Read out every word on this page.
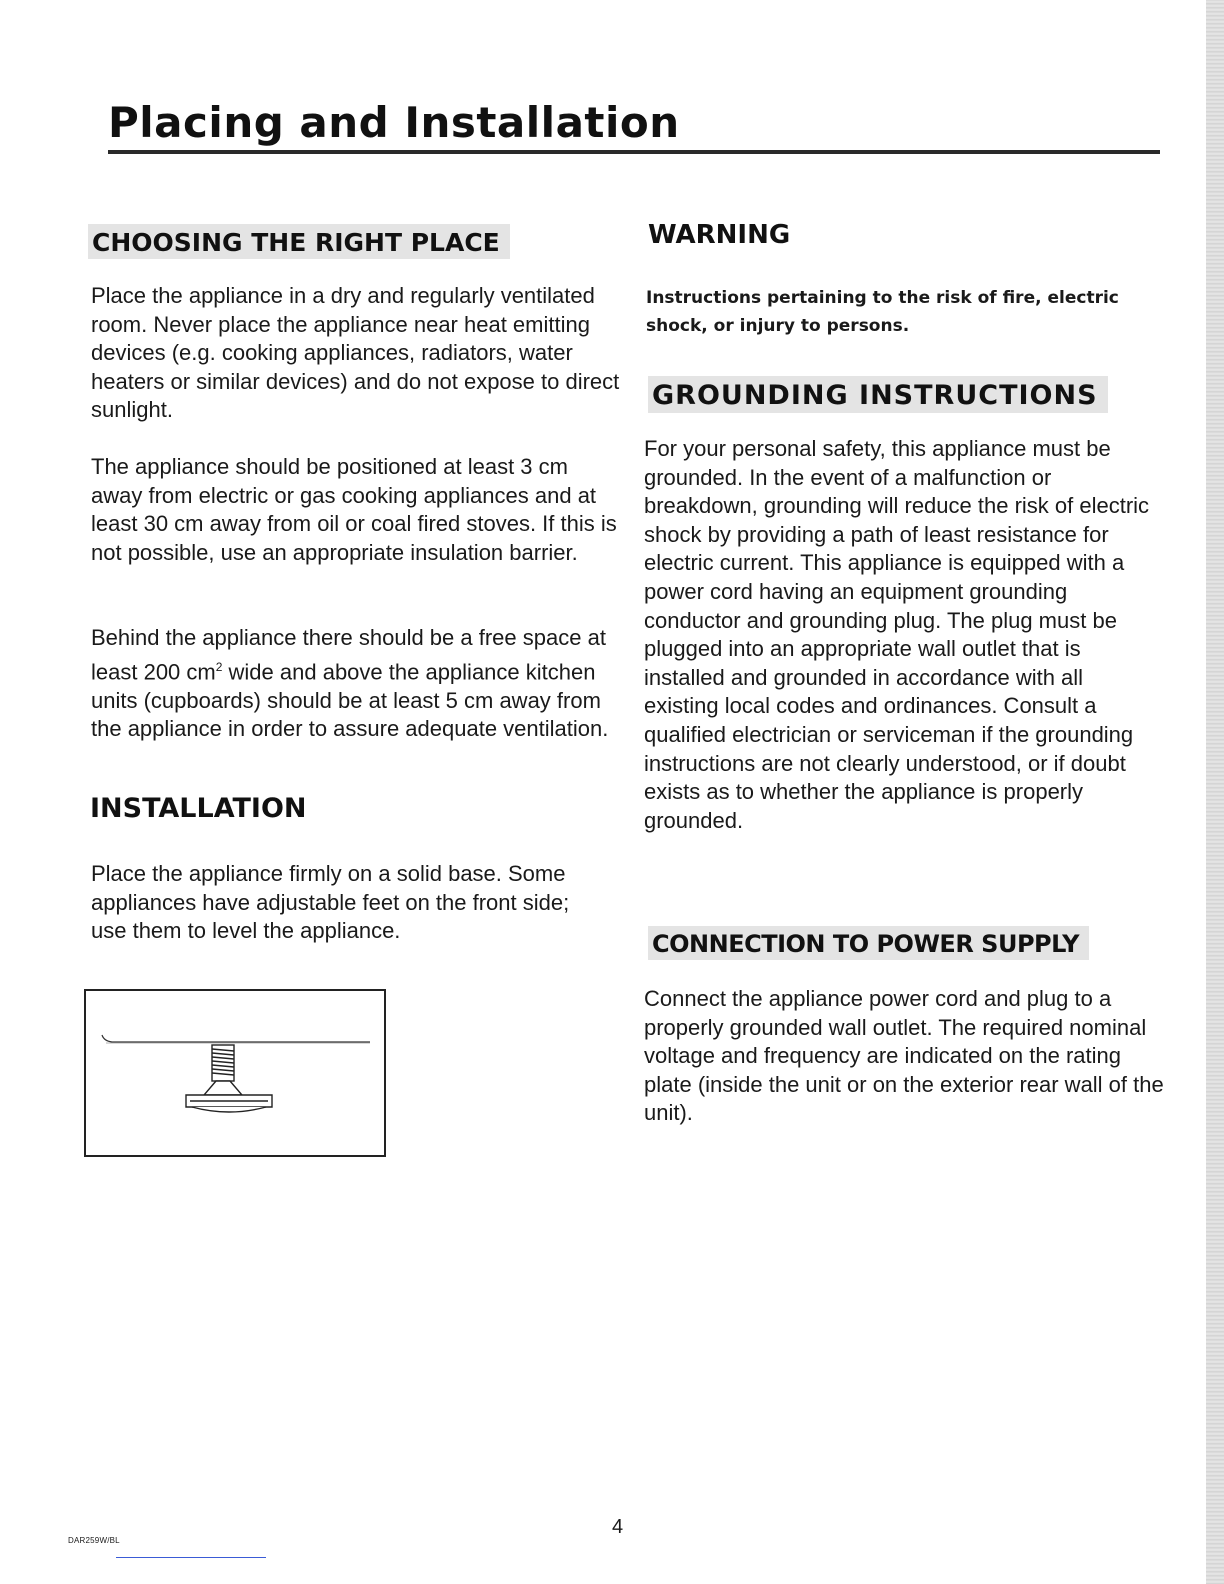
Placing and Installation
CHOOSING THE RIGHT PLACE

Place the appliance in a dry and regularly ventilated room. Never place the appliance near heat emitting devices (e.g. cooking appliances, radiators, water heaters or similar devices) and do not expose to direct sunlight.

The appliance should be positioned at least 3 cm away from electric or gas cooking appliances and at least 30 cm away from oil or coal fired stoves. If this is not possible, use an appropriate insulation barrier.

Behind the appliance there should be a free space at least 200 $cm^2$ wide and above the appliance kitchen units (cupboards) should be at least 5 cm away from the appliance in order to assure adequate ventilation.

INSTALLATION

Place the appliance firmly on a solid base. Some appliances have adjustable feet on the front side; use them to level the appliance.

WARNING

Instructions pertaining to the risk of fire, electric shock, or injury to persons.

GROUNDING INSTRUCTIONS

For your personal safety, this appliance must be grounded. In the event of a malfunction or breakdown, grounding will reduce the risk of electric shock by providing a path of least resistance for electric current. This appliance is equipped with a power cord having an equipment grounding conductor and grounding plug. The plug must be plugged into an appropriate wall outlet that is installed and grounded in accordance with all existing local codes and ordinances. Consult a qualified electrician or serviceman if the grounding instructions are not clearly understood, or if doubt exists as to whether the appliance is properly grounded.

CONNECTION TO POWER SUPPLY

Connect the appliance power cord and plug to a properly grounded wall outlet. The required nominal voltage and frequency are indicated on the rating plate (inside the unit or on the exterior rear wall of the unit).

4
DAR259W/BL
